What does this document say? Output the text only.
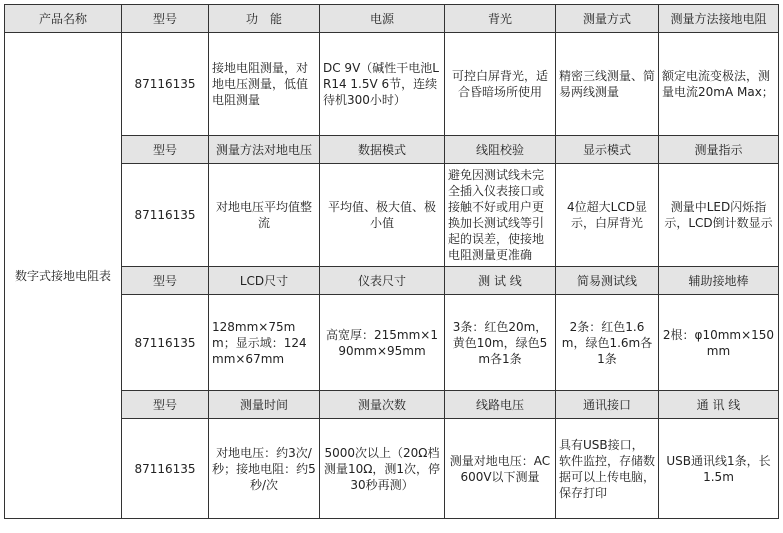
产品名称	型号	功　能	电源	背光	测量方式	测量方法接地电阻
数字式接地电阻表	87116135	接地电阻测量，对地电压测量，低值电阻测量	DC 9V（碱性干电池LR14 1.5V 6节，连续待机300小时）	可控白屏背光，适合昏暗场所使用	精密三线测量、简易两线测量	额定电流变极法，测量电流20mA Max；
	型号	测量方法对地电压	数据模式	线阻校验	显示模式	测量指示
	87116135	对地电压平均值整流	平均值、极大值、极小值	避免因测试线未完全插入仪表接口或接触不好或用户更换加长测试线等引起的误差，使接地电阻测量更准确	4位超大LCD显示，白屏背光	测量中LED闪烁指示，LCD倒计数显示
	型号	LCD尺寸	仪表尺寸	测 试 线	简易测试线	辅助接地棒
	87116135	128mm×75mm；显示域：124mm×67mm	高宽厚：215mm×190mm×95mm	3条：红色20m，黄色10m，绿色5m各1条	2条：红色1.6m，绿色1.6m各1条	2根：φ10mm×150mm
	型号	测量时间	测量次数	线路电压	通讯接口	通 讯 线
	87116135	对地电压：约3次/秒；接地电阻：约5秒/次	5000次以上（20Ω档测量10Ω，测1次，停30秒再测）	测量对地电压：AC 600V以下测量	具有USB接口，软件监控，存储数据可以上传电脑，保存打印	USB通讯线1条，长1.5m
